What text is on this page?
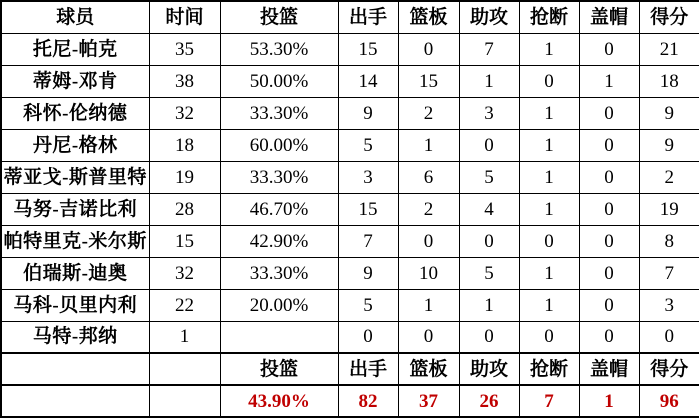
球员	时间	投篮	出手	篮板	助攻	抢断	盖帽	得分
托尼-帕克	35	53.30%	15	0	7	1	0	21
蒂姆-邓肯	38	50.00%	14	15	1	0	1	18
科怀-伦纳德	32	33.30%	9	2	3	1	0	9
丹尼-格林	18	60.00%	5	1	0	1	0	9
蒂亚戈-斯普里特	19	33.30%	3	6	5	1	0	2
马努-吉诺比利	28	46.70%	15	2	4	1	0	19
帕特里克-米尔斯	15	42.90%	7	0	0	0	0	8
伯瑞斯-迪奥	32	33.30%	9	10	5	1	0	7
马科-贝里内利	22	20.00%	5	1	1	1	0	3
马特-邦纳	1		0	0	0	0	0	0
		投篮	出手	篮板	助攻	抢断	盖帽	得分
		43.90%	82	37	26	7	1	96
